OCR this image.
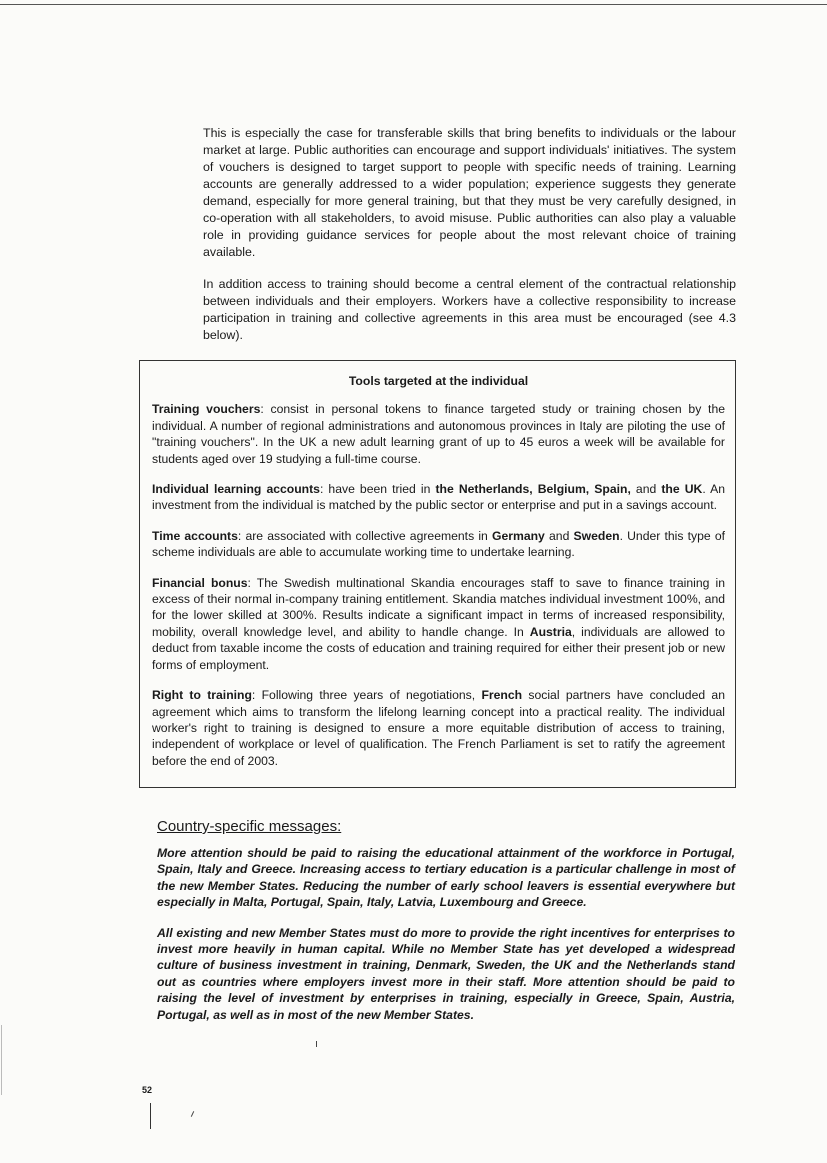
This is especially the case for transferable skills that bring benefits to individuals or the labour market at large. Public authorities can encourage and support individuals' initiatives. The system of vouchers is designed to target support to people with specific needs of training. Learning accounts are generally addressed to a wider population; experience suggests they generate demand, especially for more general training, but that they must be very carefully designed, in co-operation with all stakeholders, to avoid misuse. Public authorities can also play a valuable role in providing guidance services for people about the most relevant choice of training available.

In addition access to training should become a central element of the contractual relationship between individuals and their employers. Workers have a collective responsibility to increase participation in training and collective agreements in this area must be encouraged (see 4.3 below).

Tools targeted at the individual

Training vouchers: consist in personal tokens to finance targeted study or training chosen by the individual. A number of regional administrations and autonomous provinces in Italy are piloting the use of "training vouchers". In the UK a new adult learning grant of up to 45 euros a week will be available for students aged over 19 studying a full-time course.

Individual learning accounts: have been tried in the Netherlands, Belgium, Spain, and the UK. An investment from the individual is matched by the public sector or enterprise and put in a savings account.

Time accounts: are associated with collective agreements in Germany and Sweden. Under this type of scheme individuals are able to accumulate working time to undertake learning.

Financial bonus: The Swedish multinational Skandia encourages staff to save to finance training in excess of their normal in-company training entitlement. Skandia matches individual investment 100%, and for the lower skilled at 300%. Results indicate a significant impact in terms of increased responsibility, mobility, overall knowledge level, and ability to handle change. In Austria, individuals are allowed to deduct from taxable income the costs of education and training required for either their present job or new forms of employment.

Right to training: Following three years of negotiations, French social partners have concluded an agreement which aims to transform the lifelong learning concept into a practical reality. The individual worker's right to training is designed to ensure a more equitable distribution of access to training, independent of workplace or level of qualification. The French Parliament is set to ratify the agreement before the end of 2003.

Country-specific messages:

More attention should be paid to raising the educational attainment of the workforce in Portugal, Spain, Italy and Greece. Increasing access to tertiary education is a particular challenge in most of the new Member States. Reducing the number of early school leavers is essential everywhere but especially in Malta, Portugal, Spain, Italy, Latvia, Luxembourg and Greece.

All existing and new Member States must do more to provide the right incentives for enterprises to invest more heavily in human capital. While no Member State has yet developed a widespread culture of business investment in training, Denmark, Sweden, the UK and the Netherlands stand out as countries where employers invest more in their staff. More attention should be paid to raising the level of investment by enterprises in training, especially in Greece, Spain, Austria, Portugal, as well as in most of the new Member States.

52
